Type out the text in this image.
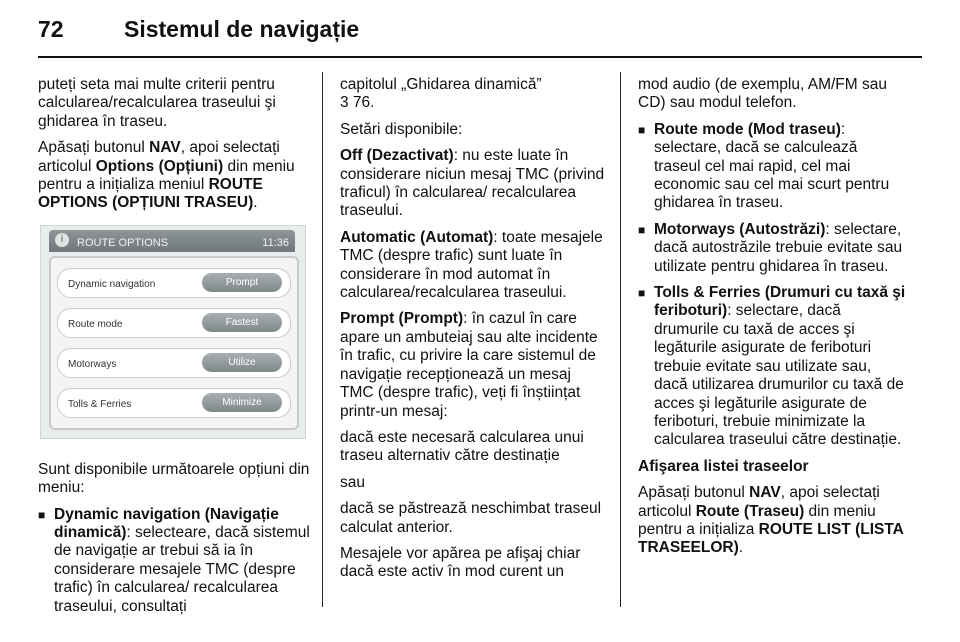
72	Sistemul de navigație

puteți seta mai multe criterii pentru calcularea/recalcularea traseului şi ghidarea în traseu.

Apăsați butonul NAV, apoi selectați articolul Options (Opțiuni) din meniu pentru a inițializa meniul ROUTE OPTIONS (OPȚIUNI TRASEU).

i	ROUTE OPTIONS	11:36
Dynamic navigation	Prompt
Route mode	Fastest
Motorways	Utilize
Tolls & Ferries	Minimize

Sunt disponibile următoarele opțiuni din meniu:

■ Dynamic navigation (Navigație dinamică): selecteare, dacă sistemul de navigație ar trebui să ia în considerare mesajele TMC (despre trafic) în calcularea/ recalcularea traseului, consultați

capitolul „Ghidarea dinamică”
3 76.

Setări disponibile:

Off (Dezactivat): nu este luate în considerare niciun mesaj TMC (privind traficul) în calcularea/ recalcularea traseului.

Automatic (Automat): toate mesajele TMC (despre trafic) sunt luate în considerare în mod automat în calcularea/recalcularea traseului.

Prompt (Prompt): în cazul în care apare un ambuteiaj sau alte incidente în trafic, cu privire la care sistemul de navigație recepționează un mesaj TMC (despre trafic), veți fi înștiințat printr-un mesaj:

dacă este necesară calcularea unui traseu alternativ către destinație

sau

dacă se păstrează neschimbat traseul calculat anterior.

Mesajele vor apărea pe afişaj chiar dacă este activ în mod curent un

mod audio (de exemplu, AM/FM sau CD) sau modul telefon.

■ Route mode (Mod traseu): selectare, dacă se calculează traseul cel mai rapid, cel mai economic sau cel mai scurt pentru ghidarea în traseu.
■ Motorways (Autostrăzi): selectare, dacă autostrăzile trebuie evitate sau utilizate pentru ghidarea în traseu.
■ Tolls & Ferries (Drumuri cu taxă şi feriboturi): selectare, dacă drumurile cu taxă de acces şi legăturile asigurate de feriboturi trebuie evitate sau utilizate sau, dacă utilizarea drumurilor cu taxă de acces şi legăturile asigurate de feriboturi, trebuie minimizate la calcularea traseului către destinație.

Afişarea listei traseelor

Apăsați butonul NAV, apoi selectați articolul Route (Traseu) din meniu pentru a inițializa ROUTE LIST (LISTA TRASEELOR).
